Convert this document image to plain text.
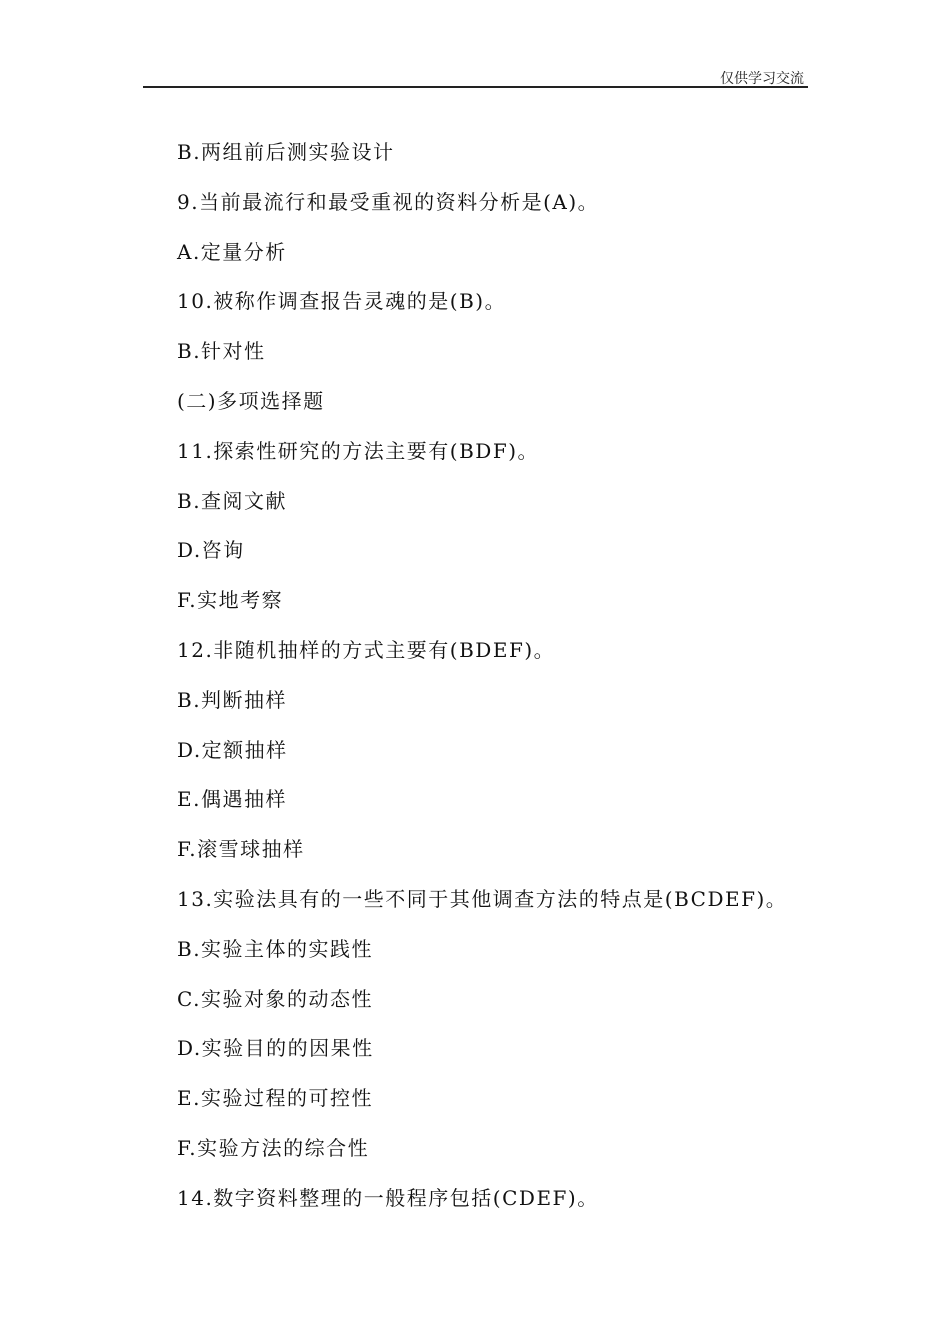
仅供学习交流
B.两组前后测实验设计
9.当前最流行和最受重视的资料分析是(A)。
A.定量分析
10.被称作调查报告灵魂的是(B)。
B.针对性
(二)多项选择题
11.探索性研究的方法主要有(BDF)。
B.查阅文献
D.咨询
F.实地考察
12.非随机抽样的方式主要有(BDEF)。
B.判断抽样
D.定额抽样
E.偶遇抽样
F.滚雪球抽样
13.实验法具有的一些不同于其他调查方法的特点是(BCDEF)。
B.实验主体的实践性
C.实验对象的动态性
D.实验目的的因果性
E.实验过程的可控性
F.实验方法的综合性
14.数字资料整理的一般程序包括(CDEF)。
